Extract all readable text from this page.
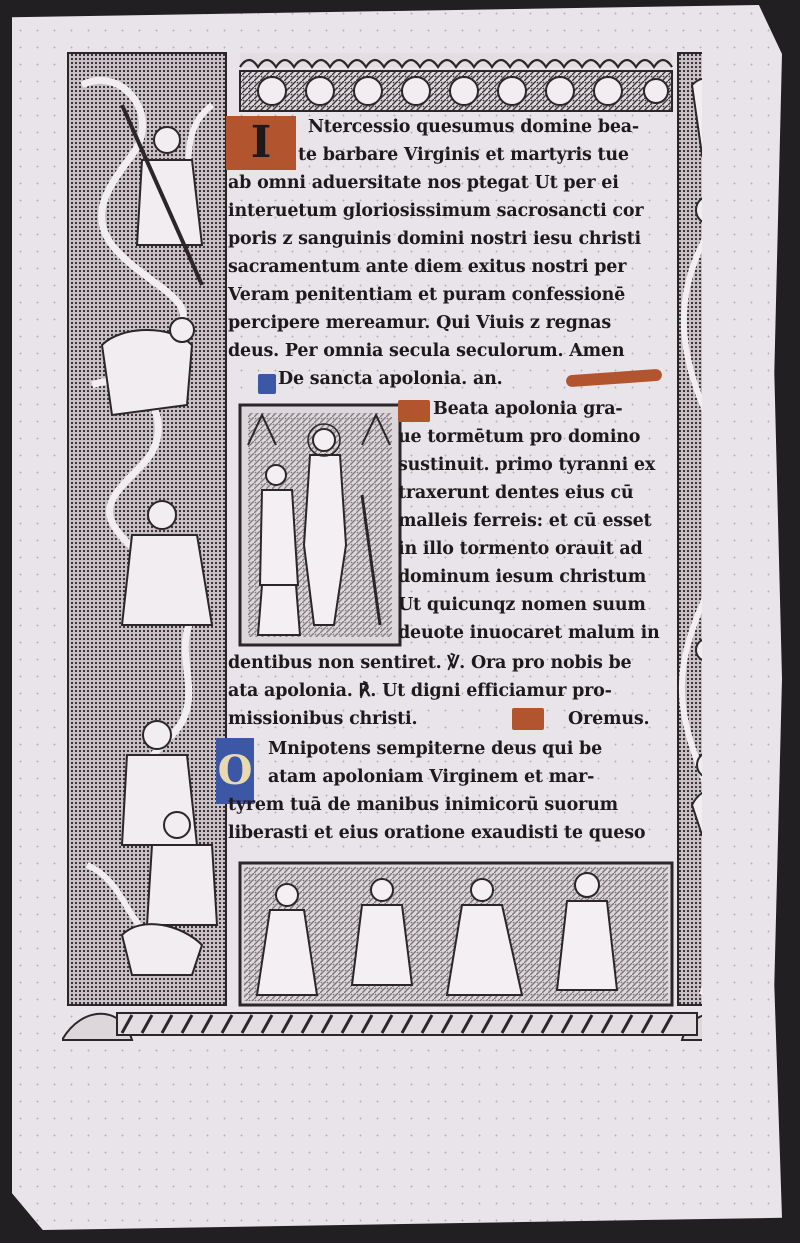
I
O
Ntercessio quesumus domine bea-
te barbare Virginis et martyris tue
ab omni aduersitate nos ptegat Ut per ei
interuetum gloriosissimum sacrosancti cor
poris z sanguinis domini nostri iesu christi
sacramentum ante diem exitus nostri per
Veram penitentiam et puram confessionē
percipere mereamur. Qui Viuis z regnas
deus. Per omnia secula seculorum. Amen
De sancta apolonia. an.
Beata apolonia gra-
ue tormētum pro domino
sustinuit. primo tyranni ex
traxerunt dentes eius cū
malleis ferreis: et cū esset
in illo tormento orauit ad
dominum iesum christum
Ut quicunqz nomen suum
deuote inuocaret malum in
dentibus non sentiret. ℣. Ora pro nobis be
ata apolonia. ℟. Ut digni efficiamur pro-
missionibus christi.	Oremus.
Mnipotens sempiterne deus qui be
atam apoloniam Virginem et mar-
tyrem tuā de manibus inimicorū suorum
liberasti et eius oratione exaudisti te queso
